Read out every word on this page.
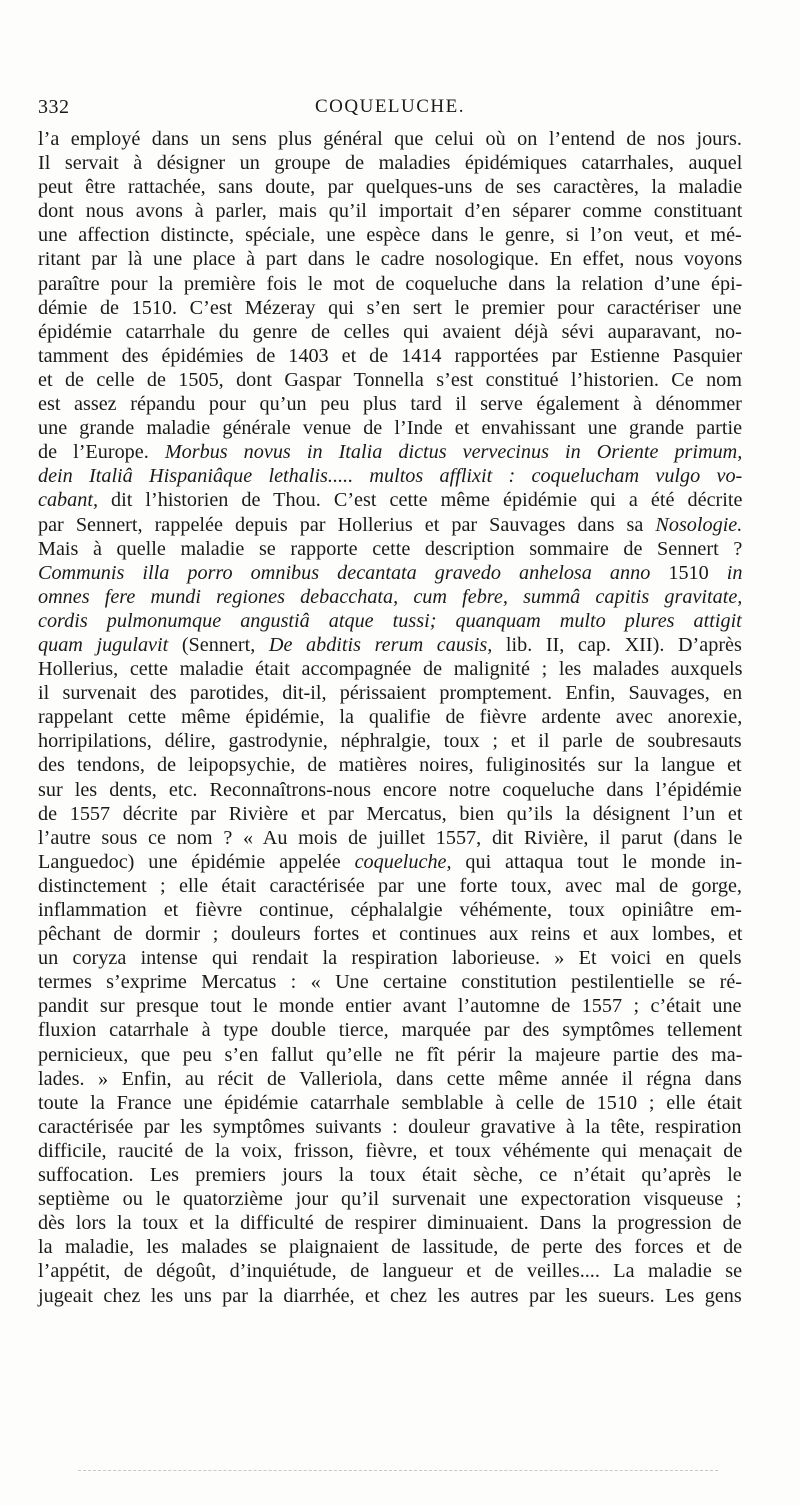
332	COQUELUCHE.
l’a employé dans un sens plus général que celui où on l’entend de nos jours.
Il servait à désigner un groupe de maladies épidémiques catarrhales, auquel
peut être rattachée, sans doute, par quelques-uns de ses caractères, la maladie
dont nous avons à parler, mais qu’il importait d’en séparer comme constituant
une affection distincte, spéciale, une espèce dans le genre, si l’on veut, et mé-
ritant par là une place à part dans le cadre nosologique. En effet, nous voyons
paraître pour la première fois le mot de coqueluche dans la relation d’une épi-
démie de 1510. C’est Mézeray qui s’en sert le premier pour caractériser une
épidémie catarrhale du genre de celles qui avaient déjà sévi auparavant, no-
tamment des épidémies de 1403 et de 1414 rapportées par Estienne Pasquier
et de celle de 1505, dont Gaspar Tonnella s’est constitué l’historien. Ce nom
est assez répandu pour qu’un peu plus tard il serve également à dénommer
une grande maladie générale venue de l’Inde et envahissant une grande partie
de l’Europe. Morbus novus in Italia dictus vervecinus in Oriente primum,
dein Italiâ Hispaniâque lethalis..... multos afflixit : coquelucham vulgo vo-
cabant, dit l’historien de Thou. C’est cette même épidémie qui a été décrite
par Sennert, rappelée depuis par Hollerius et par Sauvages dans sa Nosologie.
Mais à quelle maladie se rapporte cette description sommaire de Sennert ?
Communis illa porro omnibus decantata gravedo anhelosa anno 1510 in
omnes fere mundi regiones debacchata, cum febre, summâ capitis gravitate,
cordis pulmonumque angustiâ atque tussi; quanquam multo plures attigit
quam jugulavit (Sennert, De abditis rerum causis, lib. II, cap. XII). D’après
Hollerius, cette maladie était accompagnée de malignité ; les malades auxquels
il survenait des parotides, dit-il, périssaient promptement. Enfin, Sauvages, en
rappelant cette même épidémie, la qualifie de fièvre ardente avec anorexie,
horripilations, délire, gastrodynie, néphralgie, toux ; et il parle de soubresauts
des tendons, de leipopsychie, de matières noires, fuliginosités sur la langue et
sur les dents, etc. Reconnaîtrons-nous encore notre coqueluche dans l’épidémie
de 1557 décrite par Rivière et par Mercatus, bien qu’ils la désignent l’un et
l’autre sous ce nom ? « Au mois de juillet 1557, dit Rivière, il parut (dans le
Languedoc) une épidémie appelée coqueluche, qui attaqua tout le monde in-
distinctement ; elle était caractérisée par une forte toux, avec mal de gorge,
inflammation et fièvre continue, céphalalgie véhémente, toux opiniâtre em-
pêchant de dormir ; douleurs fortes et continues aux reins et aux lombes, et
un coryza intense qui rendait la respiration laborieuse. » Et voici en quels
termes s’exprime Mercatus : « Une certaine constitution pestilentielle se ré-
pandit sur presque tout le monde entier avant l’automne de 1557 ; c’était une
fluxion catarrhale à type double tierce, marquée par des symptômes tellement
pernicieux, que peu s’en fallut qu’elle ne fît périr la majeure partie des ma-
lades. » Enfin, au récit de Valleriola, dans cette même année il régna dans
toute la France une épidémie catarrhale semblable à celle de 1510 ; elle était
caractérisée par les symptômes suivants : douleur gravative à la tête, respiration
difficile, raucité de la voix, frisson, fièvre, et toux véhémente qui menaçait de
suffocation. Les premiers jours la toux était sèche, ce n’était qu’après le
septième ou le quatorzième jour qu’il survenait une expectoration visqueuse ;
dès lors la toux et la difficulté de respirer diminuaient. Dans la progression de
la maladie, les malades se plaignaient de lassitude, de perte des forces et de
l’appétit, de dégoût, d’inquiétude, de langueur et de veilles.... La maladie se
jugeait chez les uns par la diarrhée, et chez les autres par les sueurs. Les gens
